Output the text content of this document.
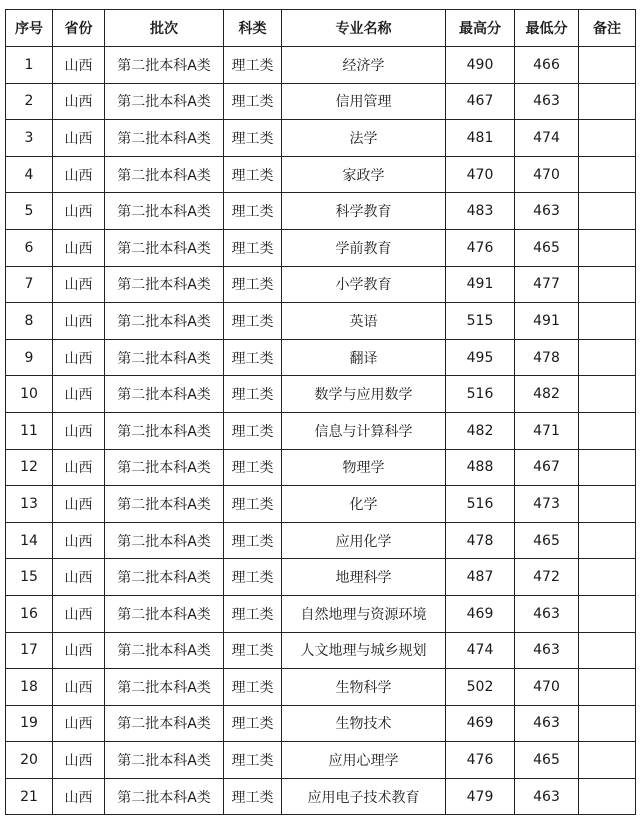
序号	省份	批次	科类	专业名称	最高分	最低分	备注
1	山西	第二批本科A类	理工类	经济学	490	466	
2	山西	第二批本科A类	理工类	信用管理	467	463	
3	山西	第二批本科A类	理工类	法学	481	474	
4	山西	第二批本科A类	理工类	家政学	470	470	
5	山西	第二批本科A类	理工类	科学教育	483	463	
6	山西	第二批本科A类	理工类	学前教育	476	465	
7	山西	第二批本科A类	理工类	小学教育	491	477	
8	山西	第二批本科A类	理工类	英语	515	491	
9	山西	第二批本科A类	理工类	翻译	495	478	
10	山西	第二批本科A类	理工类	数学与应用数学	516	482	
11	山西	第二批本科A类	理工类	信息与计算科学	482	471	
12	山西	第二批本科A类	理工类	物理学	488	467	
13	山西	第二批本科A类	理工类	化学	516	473	
14	山西	第二批本科A类	理工类	应用化学	478	465	
15	山西	第二批本科A类	理工类	地理科学	487	472	
16	山西	第二批本科A类	理工类	自然地理与资源环境	469	463	
17	山西	第二批本科A类	理工类	人文地理与城乡规划	474	463	
18	山西	第二批本科A类	理工类	生物科学	502	470	
19	山西	第二批本科A类	理工类	生物技术	469	463	
20	山西	第二批本科A类	理工类	应用心理学	476	465	
21	山西	第二批本科A类	理工类	应用电子技术教育	479	463	
